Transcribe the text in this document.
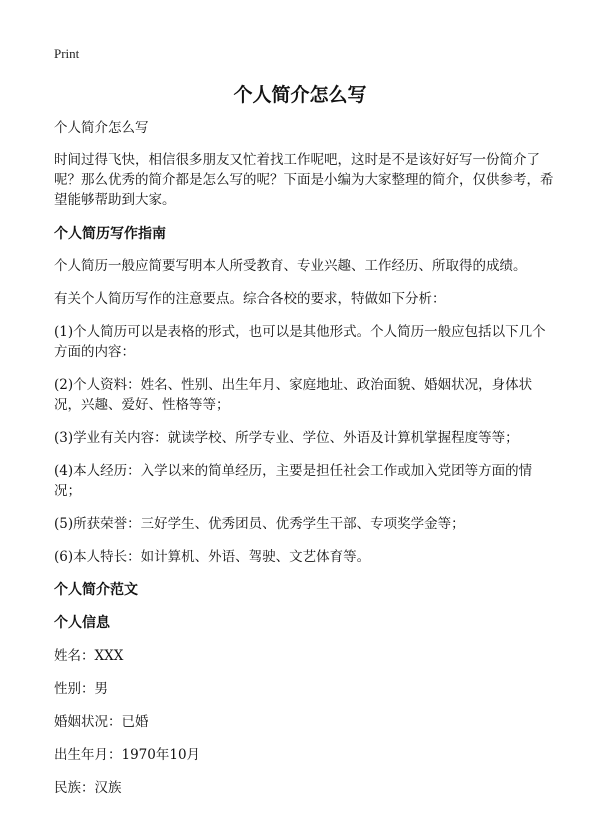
Print
个人简介怎么写

个人简介怎么写

时间过得飞快，相信很多朋友又忙着找工作呢吧，这时是不是该好好写一份简介了呢？那么优秀的简介都是怎么写的呢？下面是小编为大家整理的简介，仅供参考，希望能够帮助到大家。

个人简历写作指南

个人简历一般应简要写明本人所受教育、专业兴趣、工作经历、所取得的成绩。

有关个人简历写作的注意要点。综合各校的要求，特做如下分析：

(1)个人简历可以是表格的形式，也可以是其他形式。个人简历一般应包括以下几个方面的内容：

(2)个人资料：姓名、性别、出生年月、家庭地址、政治面貌、婚姻状况，身体状况，兴趣、爱好、性格等等；

(3)学业有关内容：就读学校、所学专业、学位、外语及计算机掌握程度等等；

(4)本人经历：入学以来的简单经历，主要是担任社会工作或加入党团等方面的情况；

(5)所获荣誉：三好学生、优秀团员、优秀学生干部、专项奖学金等；

(6)本人特长：如计算机、外语、驾驶、文艺体育等。

个人简介范文

个人信息

姓名：XXX

性别：男

婚姻状况：已婚

出生年月：1970年10月

民族：汉族
